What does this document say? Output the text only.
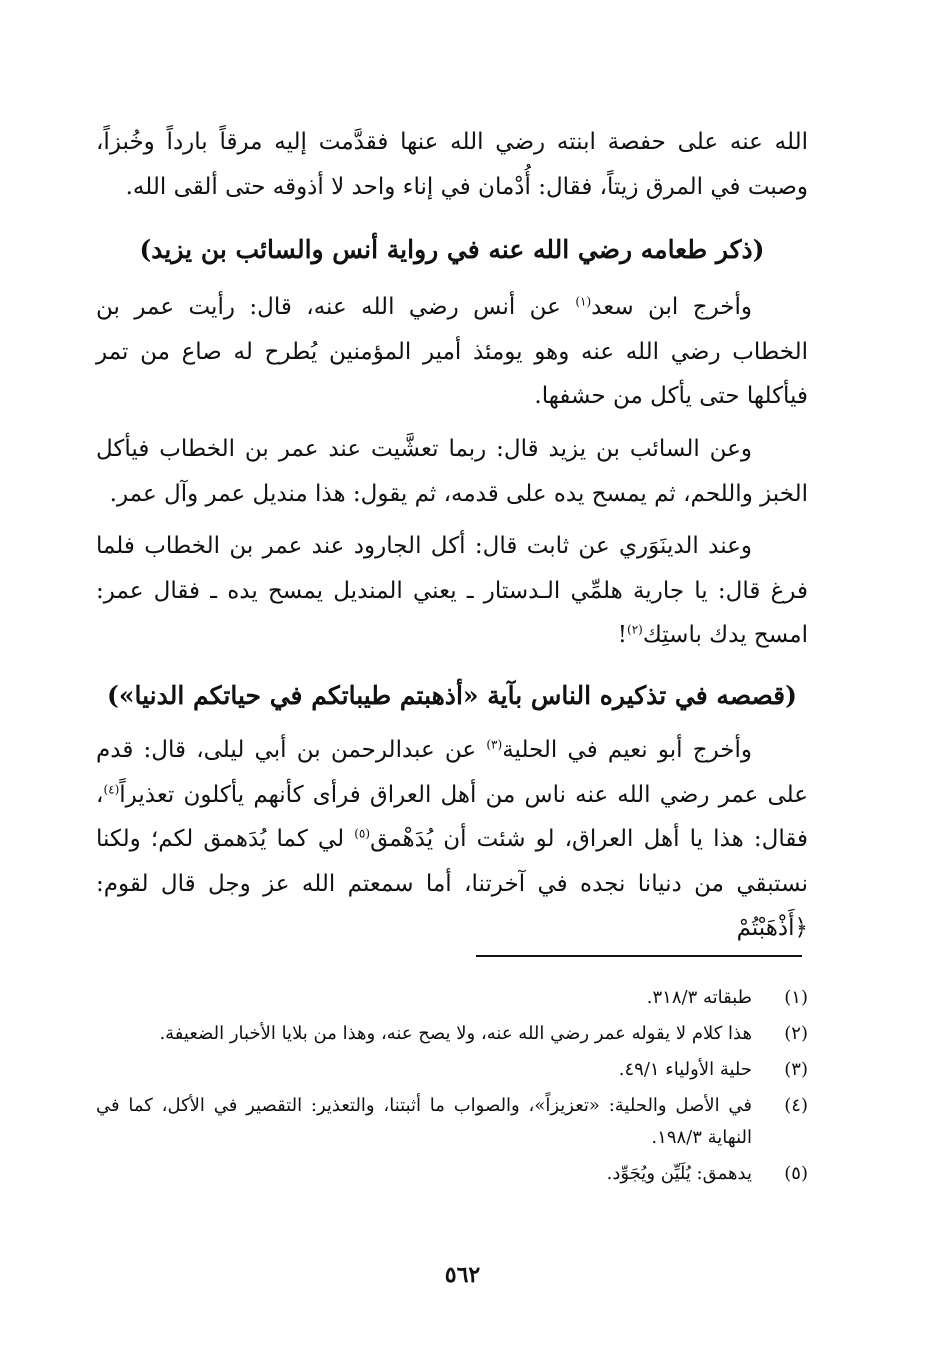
الله عنه على حفصة ابنته رضي الله عنها فقدَّمت إليه مرقاً بارداً وخُبزاً، وصبت في المرق زيتاً، فقال: أُدْمان في إناء واحد لا أذوقه حتى ألقى الله.

(ذكر طعامه رضي الله عنه في رواية أنس والسائب بن يزيد)

وأخرج ابن سعد$^{(١)}$ عن أنس رضي الله عنه، قال: رأيت عمر بن الخطاب رضي الله عنه وهو يومئذ أمير المؤمنين يُطرح له صاع من تمر فيأكلها حتى يأكل من حشفها.

وعن السائب بن يزيد قال: ربما تعشَّيت عند عمر بن الخطاب فيأكل الخبز واللحم، ثم يمسح يده على قدمه، ثم يقول: هذا منديل عمر وآل عمر.

وعند الدينَوَري عن ثابت قال: أكل الجارود عند عمر بن الخطاب فلما فرغ قال: يا جارية هلمِّي الـدستار ـ يعني المنديل يمسح يده ـ فقال عمر: امسح يدك باستِك$^{(٢)}$!

(قصصه في تذكيره الناس بآية «أذهبتم طيباتكم في حياتكم الدنيا»)

وأخرج أبو نعيم في الحلية$^{(٣)}$ عن عبدالرحمن بن أبي ليلى، قال: قدم على عمر رضي الله عنه ناس من أهل العراق فرأى كأنهم يأكلون تعذيراً$^{(٤)}$، فقال: هذا يا أهل العراق، لو شئت أن يُدَهْمق$^{(٥)}$ لي كما يُدَهمق لكم؛ ولكنا نستبقي من دنيانا نجده في آخرتنا، أما سمعتم الله عز وجل قال لقوم: ﴿أَذْهَبْتُمْ

(١)
طبقاته ٣١٨/٣.
(٢)
هذا كلام لا يقوله عمر رضي الله عنه، ولا يصح عنه، وهذا من بلايا الأخبار الضعيفة.
(٣)
حلية الأولياء ٤٩/١.
(٤)
في الأصل والحلية: «تعزيزاً»، والصواب ما أثبتنا، والتعذير: التقصير في الأكل، كما في النهاية ١٩٨/٣.
(٥)
يدهمق: يُلَيِّن ويُجَوِّد.
٥٦٢
